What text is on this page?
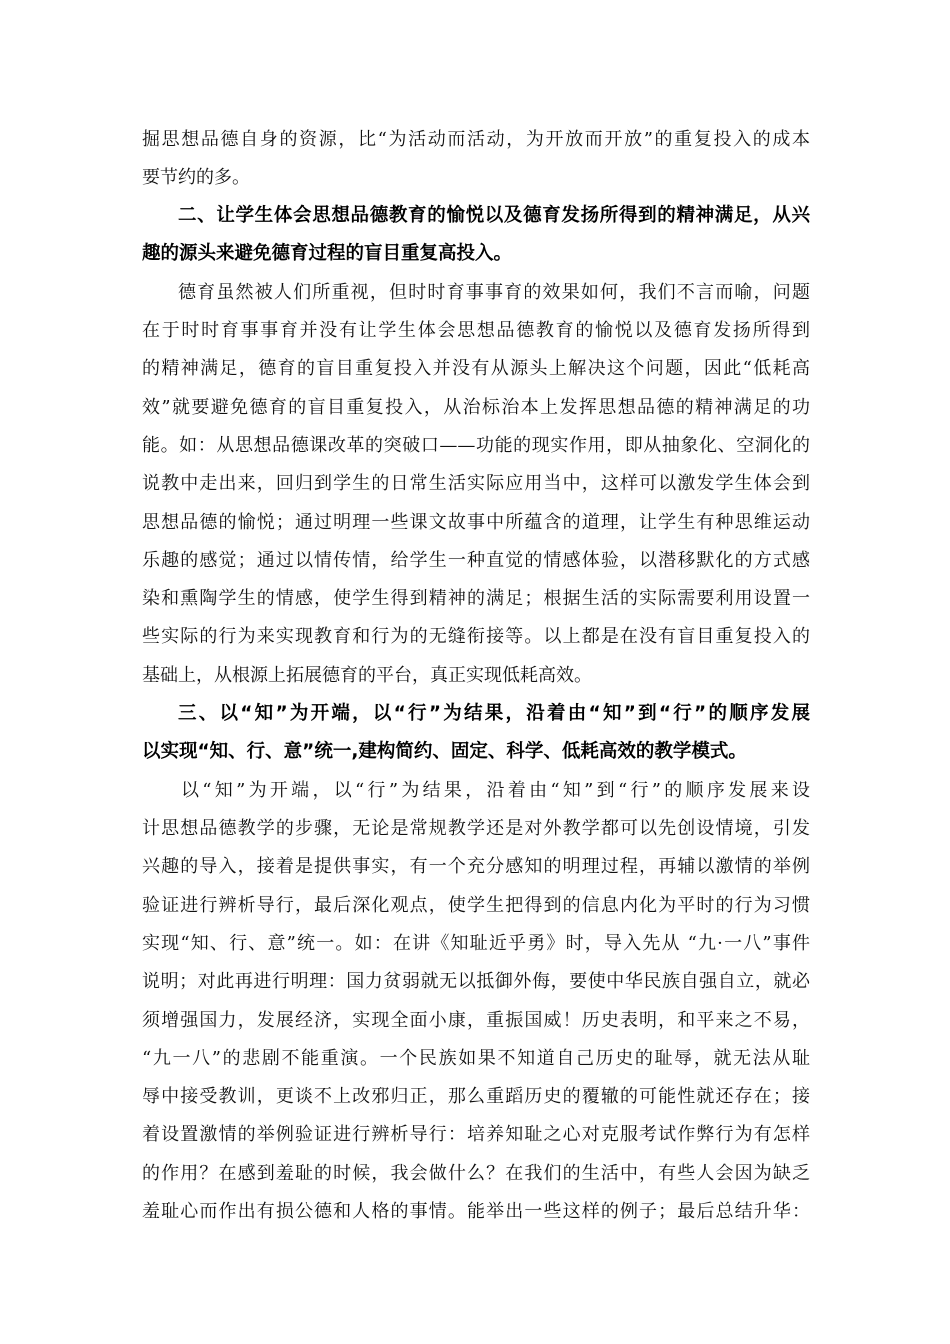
掘思想品德自身的资源，比“为活动而活动，为开放而开放”的重复投入的成本
要节约的多。
二、让学生体会思想品德教育的愉悦以及德育发扬所得到的精神满足，从兴
趣的源头来避免德育过程的盲目重复高投入。
德育虽然被人们所重视，但时时育事事育的效果如何，我们不言而喻，问题
在于时时育事事育并没有让学生体会思想品德教育的愉悦以及德育发扬所得到
的精神满足，德育的盲目重复投入并没有从源头上解决这个问题，因此“低耗高
效”就要避免德育的盲目重复投入，从治标治本上发挥思想品德的精神满足的功
能。如：从思想品德课改革的突破口——功能的现实作用，即从抽象化、空洞化的
说教中走出来，回归到学生的日常生活实际应用当中，这样可以激发学生体会到
思想品德的愉悦；通过明理一些课文故事中所蕴含的道理，让学生有种思维运动
乐趣的感觉；通过以情传情，给学生一种直觉的情感体验，以潜移默化的方式感
染和熏陶学生的情感，使学生得到精神的满足；根据生活的实际需要利用设置一
些实际的行为来实现教育和行为的无缝衔接等。以上都是在没有盲目重复投入的
基础上，从根源上拓展德育的平台，真正实现低耗高效。
三、以“知”为开端，以“行”为结果，沿着由“知”到“行”的顺序发展
以实现“知、行、意”统一,建构简约、固定、科学、低耗高效的教学模式。
以“知”为开端，以“行”为结果，沿着由“知”到“行”的顺序发展来设
计思想品德教学的步骤，无论是常规教学还是对外教学都可以先创设情境，引发
兴趣的导入，接着是提供事实，有一个充分感知的明理过程，再辅以激情的举例
验证进行辨析导行，最后深化观点，使学生把得到的信息内化为平时的行为习惯
实现“知、行、意”统一。如：在讲《知耻近乎勇》时，导入先从 “九·一八”事件
说明；对此再进行明理：国力贫弱就无以抵御外侮，要使中华民族自强自立，就必
须增强国力，发展经济，实现全面小康，重振国威！历史表明，和平来之不易，
“九一八”的悲剧不能重演。一个民族如果不知道自己历史的耻辱，就无法从耻
辱中接受教训，更谈不上改邪归正，那么重蹈历史的覆辙的可能性就还存在；接
着设置激情的举例验证进行辨析导行：培养知耻之心对克服考试作弊行为有怎样
的作用？在感到羞耻的时候，我会做什么？在我们的生活中，有些人会因为缺乏
羞耻心而作出有损公德和人格的事情。能举出一些这样的例子；最后总结升华：
